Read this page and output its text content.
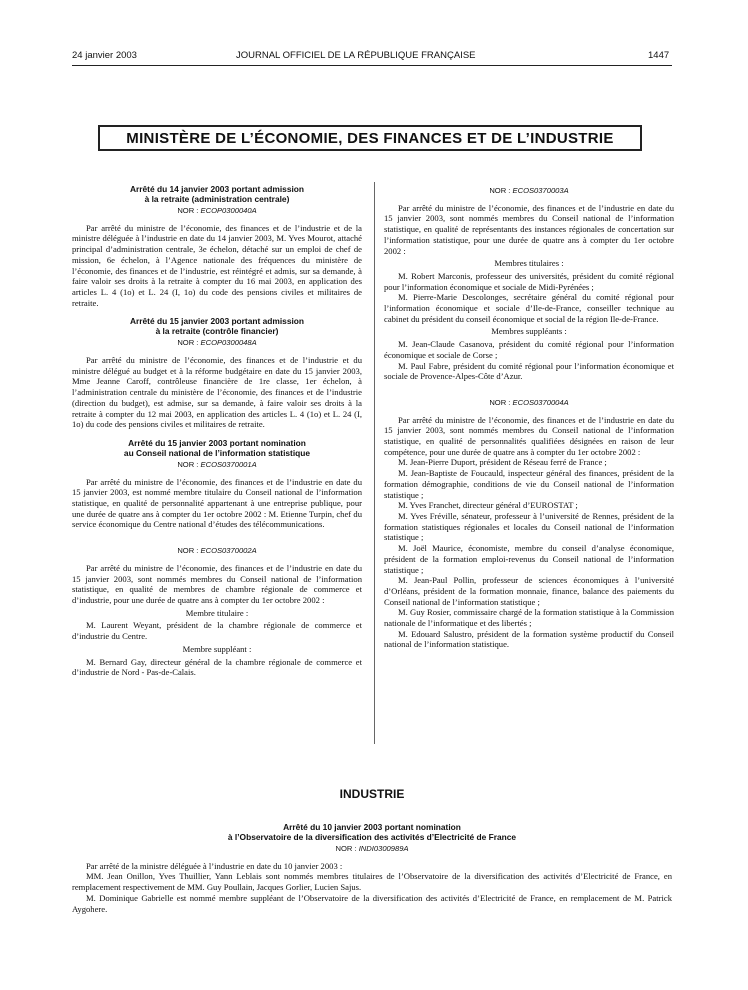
24 janvier 2003	JOURNAL OFFICIEL DE LA RÉPUBLIQUE FRANÇAISE	1447
MINISTÈRE DE L’ÉCONOMIE, DES FINANCES ET DE L’INDUSTRIE
Arrêté du 14 janvier 2003 portant admission
à la retraite (administration centrale)
NOR : ECOP0300040A

Par arrêté du ministre de l’économie, des finances et de l’industrie et de la ministre déléguée à l’industrie en date du 14 janvier 2003, M. Yves Mourot, attaché principal d’administration centrale, 3e échelon, détaché sur un emploi de chef de mission, 6e échelon, à l’Agence nationale des fréquences du ministère de l’économie, des finances et de l’industrie, est réintégré et admis, sur sa demande, à faire valoir ses droits à la retraite à compter du 16 mai 2003, en application des articles L. 4 (1o) et L. 24 (I, 1o) du code des pensions civiles et militaires de retraite.

Arrêté du 15 janvier 2003 portant admission
à la retraite (contrôle financier)
NOR : ECOP0300048A

Par arrêté du ministre de l’économie, des finances et de l’industrie et du ministre délégué au budget et à la réforme budgétaire en date du 15 janvier 2003, Mme Jeanne Caroff, contrôleuse financière de 1re classe, 1er échelon, à l’administration centrale du ministère de l’économie, des finances et de l’industrie (direction du budget), est admise, sur sa demande, à faire valoir ses droits à la retraite à compter du 12 mai 2003, en application des articles L. 4 (1o) et L. 24 (I, 1o) du code des pensions civiles et militaires de retraite.

Arrêté du 15 janvier 2003 portant nomination
au Conseil national de l’information statistique
NOR : ECOS0370001A

Par arrêté du ministre de l’économie, des finances et de l’industrie en date du 15 janvier 2003, est nommé membre titulaire du Conseil national de l’information statistique, en qualité de personnalité appartenant à une entreprise publique, pour une durée de quatre ans à compter du 1er octobre 2002 : M. Etienne Turpin, chef du service économique du Centre national d’études des télécommunications.

NOR : ECOS0370002A

Par arrêté du ministre de l’économie, des finances et de l’industrie en date du 15 janvier 2003, sont nommés membres du Conseil national de l’information statistique, en qualité de membres de chambre régionale de commerce et d’industrie, pour une durée de quatre ans à compter du 1er octobre 2002 :

Membre titulaire :

M. Laurent Weyant, président de la chambre régionale de commerce et d’industrie du Centre.

Membre suppléant :

M. Bernard Gay, directeur général de la chambre régionale de commerce et d’industrie de Nord - Pas-de-Calais.

NOR : ECOS0370003A

Par arrêté du ministre de l’économie, des finances et de l’industrie en date du 15 janvier 2003, sont nommés membres du Conseil national de l’information statistique, en qualité de représentants des instances régionales de concertation sur l’information statistique, pour une durée de quatre ans à compter du 1er octobre 2002 :

Membres titulaires :

M. Robert Marconis, professeur des universités, président du comité régional pour l’information économique et sociale de Midi-Pyrénées ;

M. Pierre-Marie Descolonges, secrétaire général du comité régional pour l’information économique et sociale d’Ile-de-France, conseiller technique au cabinet du président du conseil économique et social de la région Ile-de-France.

Membres suppléants :

M. Jean-Claude Casanova, président du comité régional pour l’information économique et sociale de Corse ;

M. Paul Fabre, président du comité régional pour l’information économique et sociale de Provence-Alpes-Côte d’Azur.

NOR : ECOS0370004A

Par arrêté du ministre de l’économie, des finances et de l’industrie en date du 15 janvier 2003, sont nommés membres du Conseil national de l’information statistique, en qualité de personnalités qualifiées désignées en raison de leur compétence, pour une durée de quatre ans à compter du 1er octobre 2002 :

M. Jean-Pierre Duport, président de Réseau ferré de France ;

M. Jean-Baptiste de Foucauld, inspecteur général des finances, président de la formation démographie, conditions de vie du Conseil national de l’information statistique ;

M. Yves Franchet, directeur général d’EUROSTAT ;

M. Yves Fréville, sénateur, professeur à l’université de Rennes, président de la formation statistiques régionales et locales du Conseil national de l’information statistique ;

M. Joël Maurice, économiste, membre du conseil d’analyse économique, président de la formation emploi-revenus du Conseil national de l’information statistique ;

M. Jean-Paul Pollin, professeur de sciences économiques à l’université d’Orléans, président de la formation monnaie, finance, balance des paiements du Conseil national de l’information statistique ;

M. Guy Rosier, commissaire chargé de la formation statistique à la Commission nationale de l’informatique et des libertés ;

M. Edouard Salustro, président de la formation système productif du Conseil national de l’information statistique.

INDUSTRIE
Arrêté du 10 janvier 2003 portant nomination
à l’Observatoire de la diversification des activités d’Electricité de France
NOR : INDI0300989A

Par arrêté de la ministre déléguée à l’industrie en date du 10 janvier 2003 :

MM. Jean Onillon, Yves Thuillier, Yann Leblais sont nommés membres titulaires de l’Observatoire de la diversification des activités d’Electricité de France, en remplacement respectivement de MM. Guy Poullain, Jacques Gorlier, Lucien Sajus.

M. Dominique Gabrielle est nommé membre suppléant de l’Observatoire de la diversification des activités d’Electricité de France, en remplacement de M. Patrick Aygohere.
